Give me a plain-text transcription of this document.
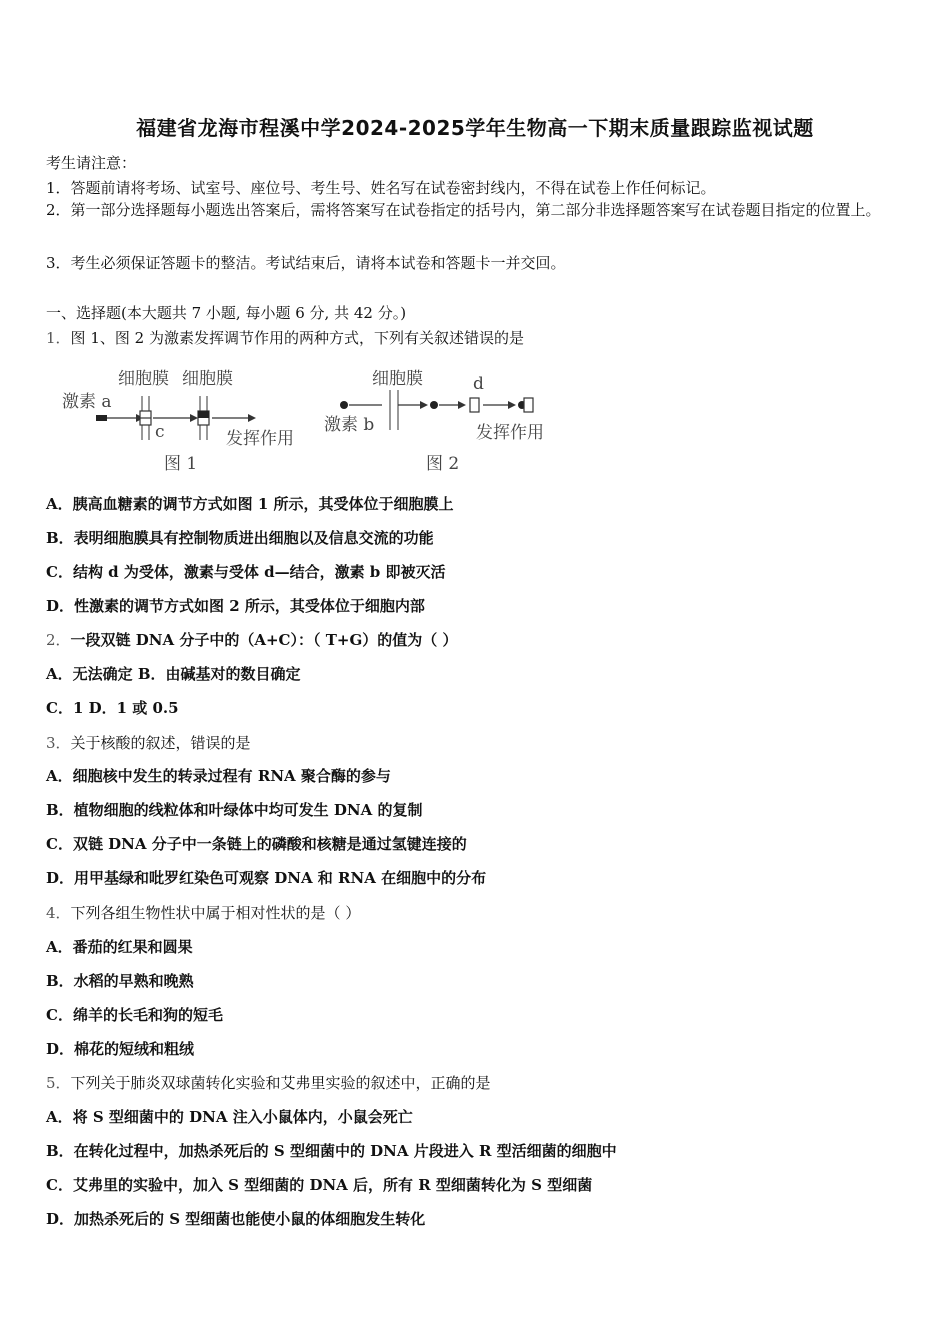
福建省龙海市程溪中学2024-2025学年生物高一下期末质量跟踪监视试题
考生请注意：
1．答题前请将考场、试室号、座位号、考生号、姓名写在试卷密封线内，不得在试卷上作任何标记。
2．第一部分选择题每小题选出答案后，需将答案写在试卷指定的括号内，第二部分非选择题答案写在试卷题目指定的位置上。
3．考生必须保证答题卡的整洁。考试结束后，请将本试卷和答题卡一并交回。
一、选择题(本大题共 7 小题, 每小题 6 分, 共 42 分。)
1．图 1、图 2 为激素发挥调节作用的两种方式，下列有关叙述错误的是
细胞膜 细胞膜
激素 a
c	发挥作用
图 1
细胞膜	d
激素 b	发挥作用
图 2
A．胰高血糖素的调节方式如图 1 所示，其受体位于细胞膜上
B．表明细胞膜具有控制物质进出细胞以及信息交流的功能
C．结构 d 为受体，激素与受体 d—结合，激素 b 即被灭活
D．性激素的调节方式如图 2 所示，其受体位于细胞内部
2．一段双链 DNA 分子中的（A+C）：（ T+G）的值为（ ）
A．无法确定 B．由碱基对的数目确定
C．1 D．1 或 0.5
3．关于核酸的叙述，错误的是
A．细胞核中发生的转录过程有 RNA 聚合酶的参与
B．植物细胞的线粒体和叶绿体中均可发生 DNA 的复制
C．双链 DNA 分子中一条链上的磷酸和核糖是通过氢键连接的
D．用甲基绿和吡罗红染色可观察 DNA 和 RNA 在细胞中的分布
4．下列各组生物性状中属于相对性状的是（ ）
A．番茄的红果和圆果
B．水稻的早熟和晚熟
C．绵羊的长毛和狗的短毛
D．棉花的短绒和粗绒
5．下列关于肺炎双球菌转化实验和艾弗里实验的叙述中，正确的是
A．将 S 型细菌中的 DNA 注入小鼠体内，小鼠会死亡
B．在转化过程中，加热杀死后的 S 型细菌中的 DNA 片段进入 R 型活细菌的细胞中
C．艾弗里的实验中，加入 S 型细菌的 DNA 后，所有 R 型细菌转化为 S 型细菌
D．加热杀死后的 S 型细菌也能使小鼠的体细胞发生转化
